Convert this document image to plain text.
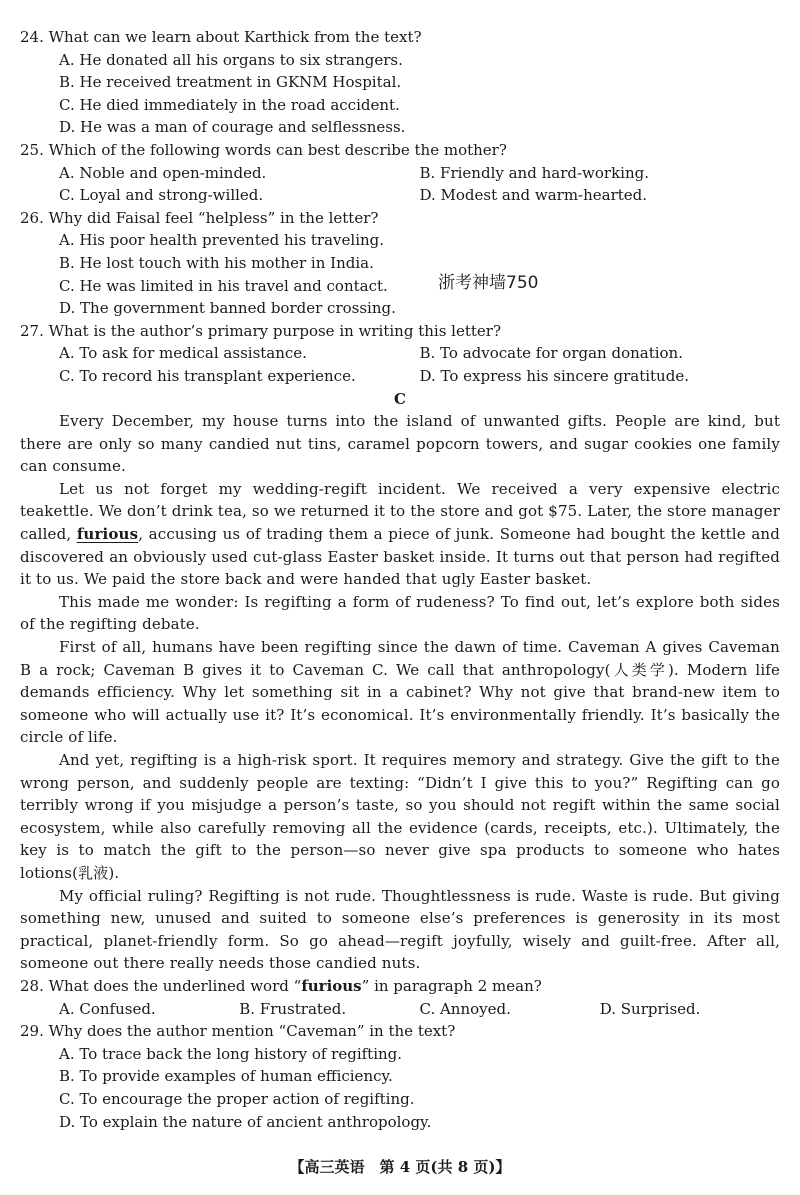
24. What can we learn about Karthick from the text?
A. He donated all his organs to six strangers.
B. He received treatment in GKNM Hospital.
C. He died immediately in the road accident.
D. He was a man of courage and selflessness.
25. Which of the following words can best describe the mother?
A. Noble and open-minded.	B. Friendly and hard-working.
C. Loyal and strong-willed.	D. Modest and warm-hearted.
26. Why did Faisal feel “helpless” in the letter?
A. His poor health prevented his traveling.
B. He lost touch with his mother in India.
C. He was limited in his travel and contact.
D. The government banned border crossing.
27. What is the author’s primary purpose in writing this letter?
A. To ask for medical assistance.	B. To advocate for organ donation.
C. To record his transplant experience.	D. To express his sincere gratitude.
C
Every December, my house turns into the island of unwanted gifts. People are kind, but there are only so many candied nut tins, caramel popcorn towers, and sugar cookies one family can consume.
Let us not forget my wedding-regift incident. We received a very expensive electric teakettle. We don’t drink tea, so we returned it to the store and got $75. Later, the store manager called, furious, accusing us of trading them a piece of junk. Someone had bought the kettle and discovered an obviously used cut-glass Easter basket inside. It turns out that person had regifted it to us. We paid the store back and were handed that ugly Easter basket.
This made me wonder: Is regifting a form of rudeness? To find out, let’s explore both sides of the regifting debate.
First of all, humans have been regifting since the dawn of time. Caveman A gives Caveman B a rock; Caveman B gives it to Caveman C. We call that anthropology(人类学). Modern life demands efficiency. Why let something sit in a cabinet? Why not give that brand-new item to someone who will actually use it? It’s economical. It’s environmentally friendly. It’s basically the circle of life.
And yet, regifting is a high-risk sport. It requires memory and strategy. Give the gift to the wrong person, and suddenly people are texting: “Didn’t I give this to you?” Regifting can go terribly wrong if you misjudge a person’s taste, so you should not regift within the same social ecosystem, while also carefully removing all the evidence (cards, receipts, etc.). Ultimately, the key is to match the gift to the person—so never give spa products to someone who hates lotions(乳液).
My official ruling? Regifting is not rude. Thoughtlessness is rude. Waste is rude. But giving something new, unused and suited to someone else’s preferences is generosity in its most practical, planet-friendly form. So go ahead—regift joyfully, wisely and guilt-free. After all, someone out there really needs those candied nuts.
28. What does the underlined word “furious” in paragraph 2 mean?
A. Confused.	B. Frustrated.	C. Annoyed.	D. Surprised.
29. Why does the author mention “Caveman” in the text?
A. To trace back the long history of regifting.
B. To provide examples of human efficiency.
C. To encourage the proper action of regifting.
D. To explain the nature of ancient anthropology.
浙考神墙750
【高三英语　第 4 页(共 8 页)】
